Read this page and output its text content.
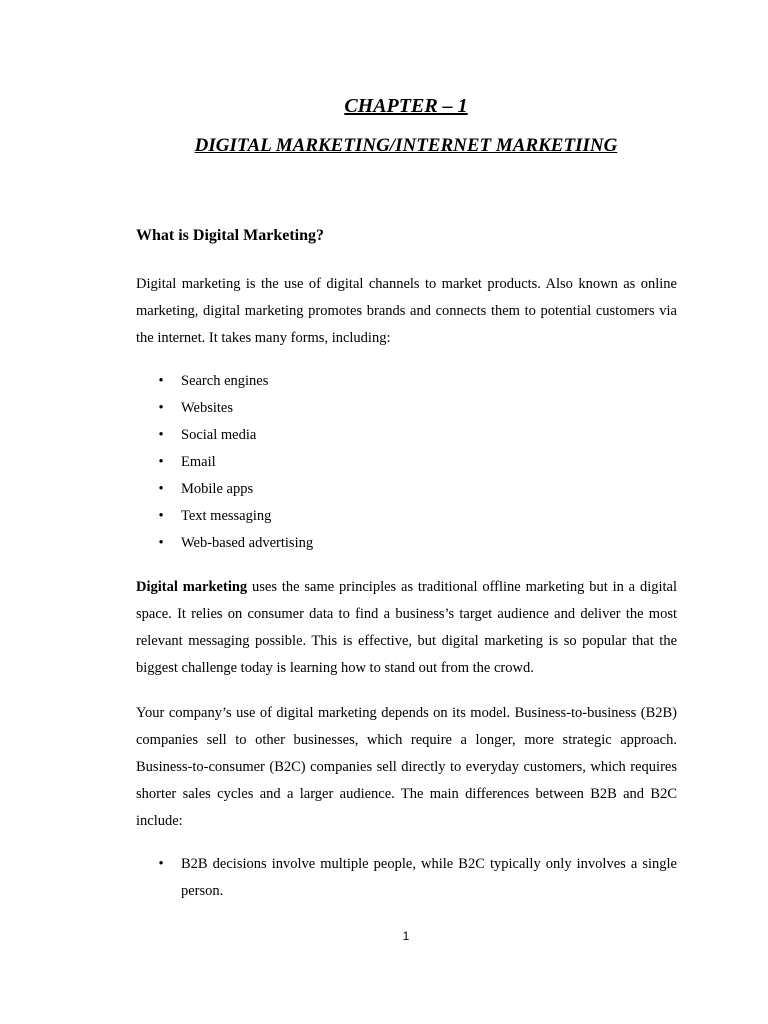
CHAPTER – 1
DIGITAL MARKETING/INTERNET MARKETIING
What is Digital Marketing?

Digital marketing is the use of digital channels to market products. Also known as online marketing, digital marketing promotes brands and connects them to potential customers via the internet. It takes many forms, including:

• Search engines
• Websites
• Social media
• Email
• Mobile apps
• Text messaging
• Web-based advertising

Digital marketing uses the same principles as traditional offline marketing but in a digital space. It relies on consumer data to find a business’s target audience and deliver the most relevant messaging possible. This is effective, but digital marketing is so popular that the biggest challenge today is learning how to stand out from the crowd.

Your company’s use of digital marketing depends on its model. Business-to-business (B2B) companies sell to other businesses, which require a longer, more strategic approach. Business-to-consumer (B2C) companies sell directly to everyday customers, which requires shorter sales cycles and a larger audience. The main differences between B2B and B2C include:

• B2B decisions involve multiple people, while B2C typically only involves a single person.
1
